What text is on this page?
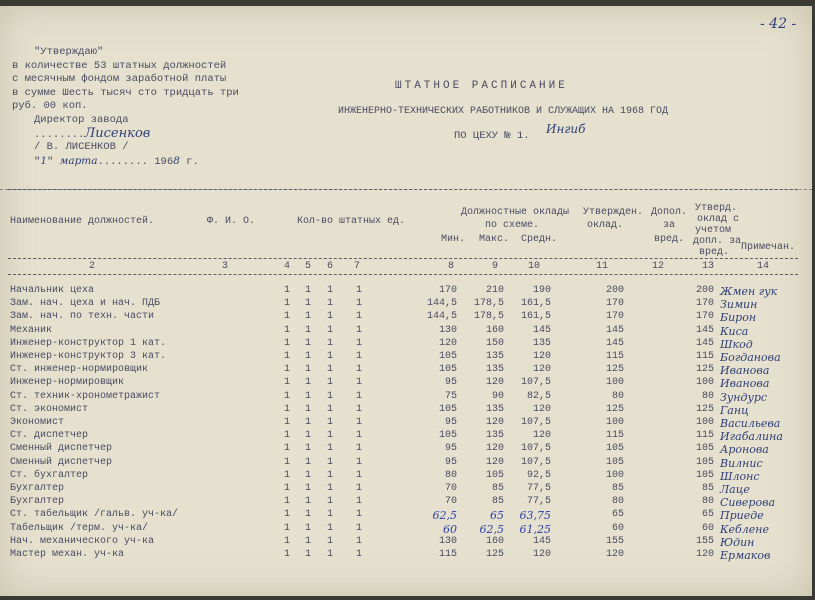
- 42 -
"Утверждаю"
в количестве 53 штатных должностей
с месячным фондом заработной платы
в сумме Шесть тысяч сто тридцать три
руб. 00 коп.
Директор завода
........Лисенков
/ В. ЛИСЕНКОВ /
"1" марта........ 1968 г.
ШТАТНОЕ РАСПИСАНИЕ
ИНЖЕНЕРНО-ТЕХНИЧЕСКИХ РАБОТНИКОВ И СЛУЖАЩИХ НА 1968 ГОД
ПО ЦЕХУ № 1. Ингиб
Наименование должностей.	Ф. И. О.	Кол-во штатных ед.
Должностные оклады
по схеме.
Мин. Макс. Средн.
Утвержден.
оклад.
Допол.
за
вред.
Утверд.
оклад с
учетом
допл. за
вред. Примечан.
2	3	4 5 6 7	8	9	10	11	12	13	14
Начальник цеха	1 1 1 1	170	210	190	200	200 Жмен гук
Зам. нач. цеха и нач. ПДБ	1 1 1 1	144,5	178,5	161,5	170	170 Зимин
Зам. нач. по техн. части	1 1 1 1	144,5	178,5	161,5	170	170 Бирон
Механик	1 1 1 1	130	160	145	145	145 Киса
Инженер-конструктор 1 кат.	1 1 1 1	120	150	135	145	145 Шкод
Инженер-конструктор 3 кат.	1 1 1 1	105	135	120	115	115 Богданова
Ст. инженер-нормировщик	1 1 1 1	105	135	120	125	125 Иванова
Инженер-нормировщик	1 1 1 1	95	120	107,5	100	100 Иванова
Ст. техник-хронометражист	1 1 1 1	75	90	82,5	80	80 Зундурс
Ст. экономист	1 1 1 1	105	135	120	125	125 Ганц
Экономист	1 1 1 1	95	120	107,5	100	100 Васильева
Ст. диспетчер	1 1 1 1	105	135	120	115	115 Игабалина
Сменный диспетчер	1 1 1 1	95	120	107,5	105	105 Аронова
Сменный диспетчер	1 1 1 1	95	120	107,5	105	105 Вилнис
Ст. бухгалтер	1 1 1 1	80	105	92,5	100	105 Шлонс
Бухгалтер	1 1 1 1	70	85	77,5	85	85 Лаце
Бухгалтер	1 1 1 1	70	85	77,5	80	80 Сиверова
Ст. табельщик /гальв. уч-ка/	1 1 1 1	62,5	65	63,75	65	65 Приеде
Табельщик /терм. уч-ка/	1 1 1 1	60	62,5	61,25	60	60 Кеблене
Нач. механического уч-ка	1 1 1 1	130	160	145	155	155 Юдин
Мастер механ. уч-ка	1 1 1 1	115	125	120	120	120 Ермаков
